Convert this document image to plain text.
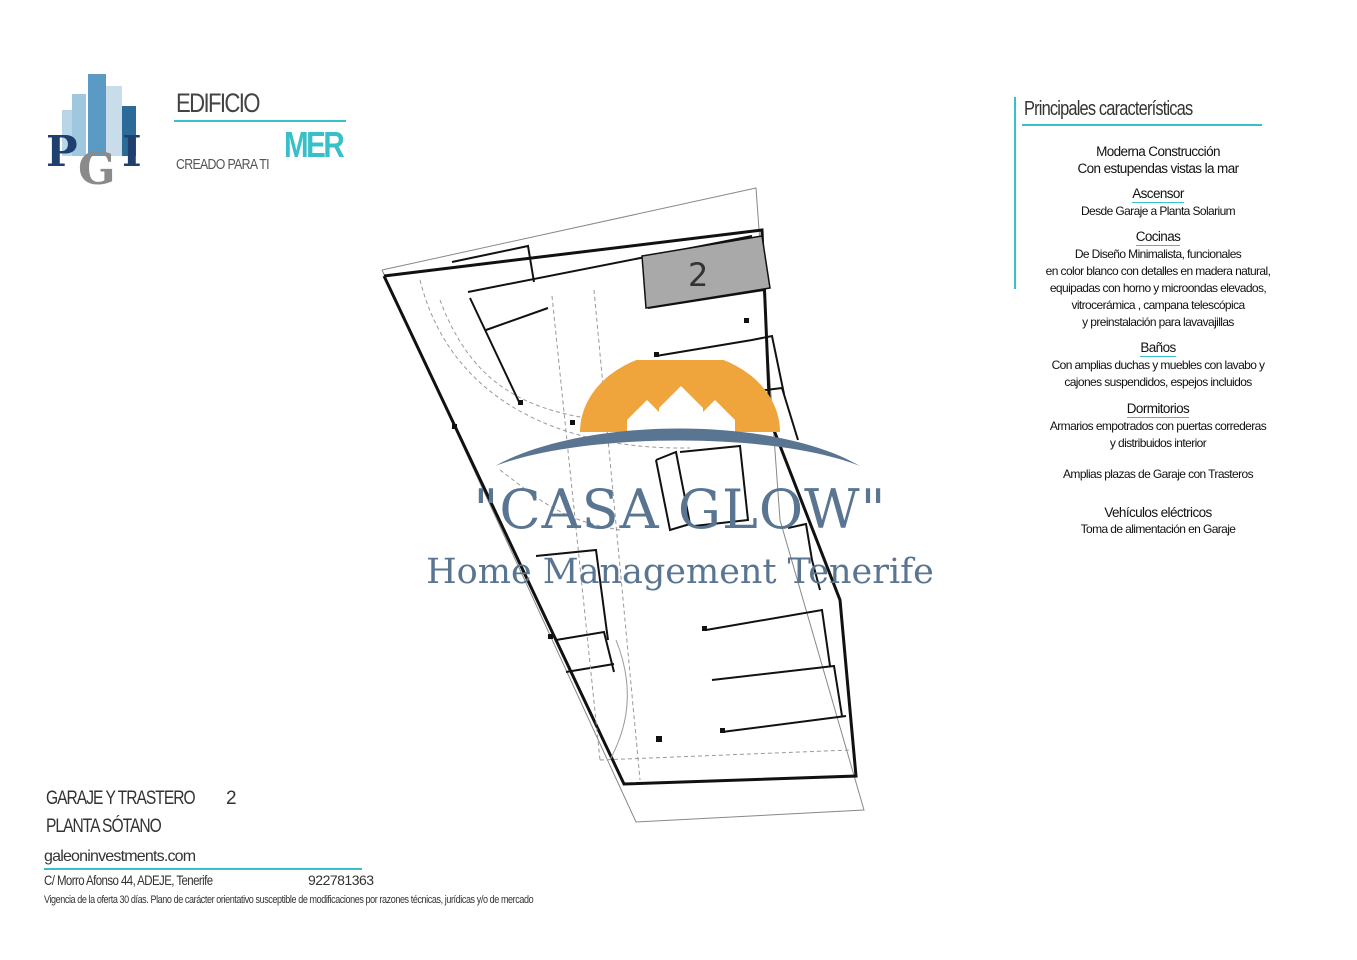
P G I
EDIFICIO
MER
CREADO PARA TI
2
"CASA GLOW"
Home Management Tenerife
Principales características
Moderna Construcción
Con estupendas vistas la mar
Ascensor
Desde Garaje a Planta Solarium
Cocinas
De Diseño Minimalista, funcionales
en color blanco con detalles en madera natural,
equipadas con horno y microondas elevados,
vitrocerámica , campana telescópica
y preinstalación para lavavajillas
Baños
Con amplias duchas y muebles con lavabo y
cajones suspendidos, espejos incluidos
Dormitorios
Armarios empotrados con puertas correderas
y distribuidos interior
Amplias plazas de Garaje con Trasteros
Vehículos eléctricos
Toma de alimentación en Garaje
GARAJE Y TRASTERO 2
PLANTA SÓTANO
galeoninvestments.com
C/ Morro Afonso 44, ADEJE, Tenerife	922781363
Vigencia de la oferta 30 días. Plano de carácter orientativo susceptible de modificaciones por razones técnicas, jurídicas y/o de mercado
